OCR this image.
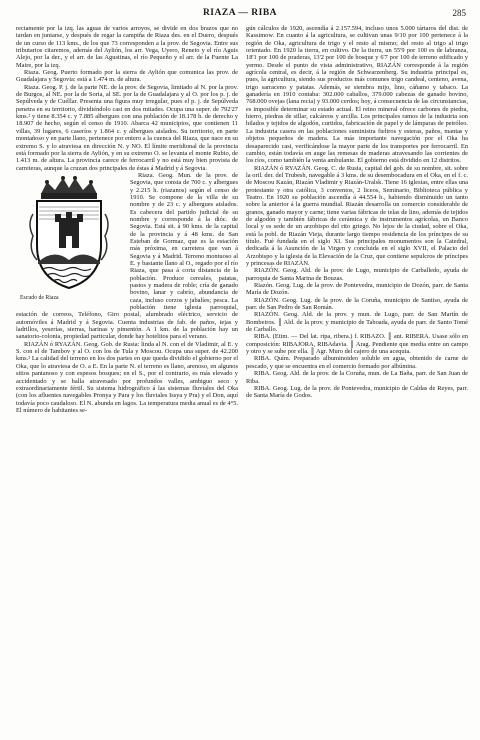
RIAZA — RIBA	285

rectamente por la izq. las aguas de varios arroyos, se divide en dos brazos que no tardan en juntarse, y después de regar la campiña de Riaza des. en el Duero, después de un curso de 113 kms., de los que 73 corresponden a la prov. de Segovia. Entre sus tributarios citaremos, además del Aylión, los arr. Vega, Uyero, Reneio y el río Aguis Alejo, por la der., y el arr. de las Agustinas, el río Pequeño y el arr. de la Fuente La Maire, por la izq.

Riaza. Geog. Puerto formado por la sierra de Aylión que comunica las prov. de Guadalajara y Segovia: está a 1.474 m. de altura.

Riaza. Geog. P. j. de la parte NE. de la prov. de Segovia, limitado al N. por la prov. de Burgos, al NE. por la de Soria, al SE. por la de Guadalajara y al O. por los p. j. de Sepúlveda y de Cuéllar. Presenta una figura muy irregular, pues el p. j. de Sepúlveda penetra en su territorio, dividiéndolo casi en dos mitades. Ocupa una super. de 792'27 kms.² y tiene 8.354 c. y 7.885 albergues con una población de 18.178 h. de derecho y 18.907 de hecho, según el censo de 1910. Abarca 42 municipios, que contienen 11 villas, 39 lugares, 6 caseríos y 1.864 c. y albergues aislados. Su territorio, en parte montañoso y en parte llano, pertenece por entero a la cuenca del Riaza, que nace en su extremo S. y lo atraviesa en dirección N. y NO. El límite meridional de la provincia está formado por la sierra de Aylión, y en su extremo O. se levanta el monte Rubio, de 1.413 m. de altura. La provincia carece de ferrocarril y no está muy bien provista de carreteras, aunque la cruzan dos principales de éstas á Madrid y á Segovia.

Escudo de Riaza

Riaza. Geog. Mun. de la prov. de Segovia, que consta de 700 c. y albergues y 2.215 h. (riazanos) según el censo de 1910. Se compone de la villa de su nombre y de 23 c. y albergues aislados. Es cabecera del partido judicial de su nombre y corresponde á la dióc. de Segovia. Está sit. á 90 kms. de la capital de la provincia y á 48 kms. de San Esteban de Gormaz, que es la estación más próxima, en carretera que van á Segovia y á Madrid. Terreno montuoso al E. y bastante llano al O., regado por el río Riaza, que pasa á corta distancia de la población. Produce cereales, patatas, pastos y madera de roble; cría de ganado bovino, lanar y cabrío, abundancia de caza, incluso corzos y jabalíes; pesca. La población tiene iglesia parroquial, estación de correos, Teléfono, Giro postal, alumbrado eléctrico, servicio de automóviles á Madrid y á Segovia. Cuenta industrias de fab. de paños, tejas y ladrillos, yeserías, sierras, harinas y pimentón. A 1 km. de la población hay un sanatorio-colonia, propiedad particular, donde hay hotelitos para el verano.

RIAZÁN ó RYAZÁN. Geog. Gob. de Rusia: linda al N. con el de Vladimir, al E. y S. con el de Tambov y al O. con los de Tula y Moscou. Ocupa una super. de 42.200 kms.² La calidad del terreno en los dos partes en que queda dividido el gobierno por el Oka, que lo atraviesa de O. a E. En la parte N. el terreno es llano, arenoso, en algunos sitios pantanoso y con espesos bosques; en el S., por el contrario, es más elevado y accidentado y se halla atravesado por profundos valles, ambiguo seco y extraordinariamente fértil. Su sistema hidrográfico á las sistemas fluviales del Oka (con los afluentes navegables Pronya y Para y los fluviales Issya y Pra) y el Don, aquí todavía poco caudaloso. El N. abunda en lagos. La temperatura media anual es de 4°5. El número de habitantes se-

gún cálculos de 1920, ascendía á 2.157.594, incluso unos 5.000 tártaros del dist. de Kassimow. En cuanto á la agricultura, se cultivan unas 9/10 por 100 pertenece á la región de Oka, agricultura de trigo y el resto al mismo; del resto al trigo al trigo orientado. En 1920 la tierra, en cultivo. De la tierra, un 55'9 por 100 es de labranza, 18'1 por 100 de praderas, 13'2 por 100 de bosque y 6'7 por 100 de terreno edificado y yermo. Desde el punto de vista administrativo, RIAZÁN corresponde á la región agrícola central, es decir, á la región de Schwarzenberg. Su industria principal es, pues, la agricultura, siendo sus productos más comunes trigo candeal, centeno, avena, trigo sarraceno y patatas. Además, se siembra mijo, lino, cáñamo y tabaco. La ganadería en 1910 contaba: 302.000 caballos, 379.000 cabezas de ganado bovino, 768.000 ovejas (lana recia) y 93.000 cerdos; hoy, á consecuencia de las circunstancias, es imposible determinar su estado actual. El reino mineral ofrece carbones de piedra, hierro, piedras de sillar, calcáreos y arcilla. Los principales ramos de la industria son hilados y tejidos de algodón, curtidos, fabricación de papel y de lámparas de petróleo. La industria casera en las poblaciones suministra fieltros y esteras, paños, mantas y objetos pequeños de madera. La más importante navegación por el Oka ha desaparecido casi, verificándose la mayor parte de los transportes por ferrocarril. En cambio, están todavía en auge las remesas de maderas atravesando las corrientes de los ríos, como también la venta ambulante. El gobierno está dividido en 12 distritos.

RIAZÁN ó RYAZÁN. Geog. C. de Rusia, capital del gob. de su nombre, sit. sobre la oril. der. del Trubesh, navegable á 3 kms. de su desembocadura en el Oka, en el f. c. de Moscou Kazán, Riazán Vladimir y Riazán-Uralsk. Tiene 16 iglesias, entre ellas una protestante y otra católica, 3 conventos, 2 liceos, Seminario, Biblioteca pública y Teatro. En 1920 su población ascendía á 44.554 h., habiendo disminuido un tanto sobre la anterior á la guerra mundial. Riazán desarrolla un comercio considerable de granos, ganado mayor y carne; tiene varias fábricas de telas de lino, además de tejidos de algodón y también fábricas de cerámica y de instrumentos agrícolas, un Banco local y es sede de un arzobispo del rito griego. No lejos de la ciudad, sobre el Oka, está la pobl. de Riazán Vieja, durante largo tiempo residencia de los príncipes de su título. Fué fundada en el siglo XI. Sus principales monumentos son la Catedral, dedicada á la Asunción de la Virgen y concluida en el siglo XVII, el Palacio del Arzobispo y la iglesia de la Elevación de la Cruz, que contiene sepulcros de príncipes y princesas de RIAZÁN.

RIAZÓN. Geog. Ald. de la prov. de Lugo, municipio de Carballedo, ayuda de parroquia de Santa Marina de Bouzas.

Riazón. Geog. Lug. de la prov. de Pontevedra, municipio de Dozón, parr. de Santa María de Dozón.

RIAZÓN. Geog. Lug. de la prov. de la Coruña, municipio de Santiso, ayuda de parr. de San Pedro de San Román.

RIAZÓN. Geog. Ald. de la prov. y mun. de Lugo, parr. de San Martín de Bombeiros. ║ Ald. de la prov. y municipio de Taboada, ayuda de parr. de Santo Tomé de Carballo.

RIBA. (Etim. — Del lat. ripa, ribera.) f. RIBAZO. ║ ant. RIBERA. Usase sólo en composición: RIBAJORA, RIBAdavia. ║ Arag. Pendiente que media entre un campo y otro y se sube por ella. ║ Agr. Muro del cajero de una acequia.

RIBA. Quím. Preparado albuminoideo soluble en agua, obtenido de carne de pescado, y que se encuentra en el comercio formado por albúmina.

RIBA. Geog. Ald. de la prov. de la Coruña, mun. de La Baña, parr. de San Juan de Riba.

RIBA. Geog. Lug. de la prov. de Pontevedra, municipio de Caldas de Reyes, parr. de Santa María de Godos.
